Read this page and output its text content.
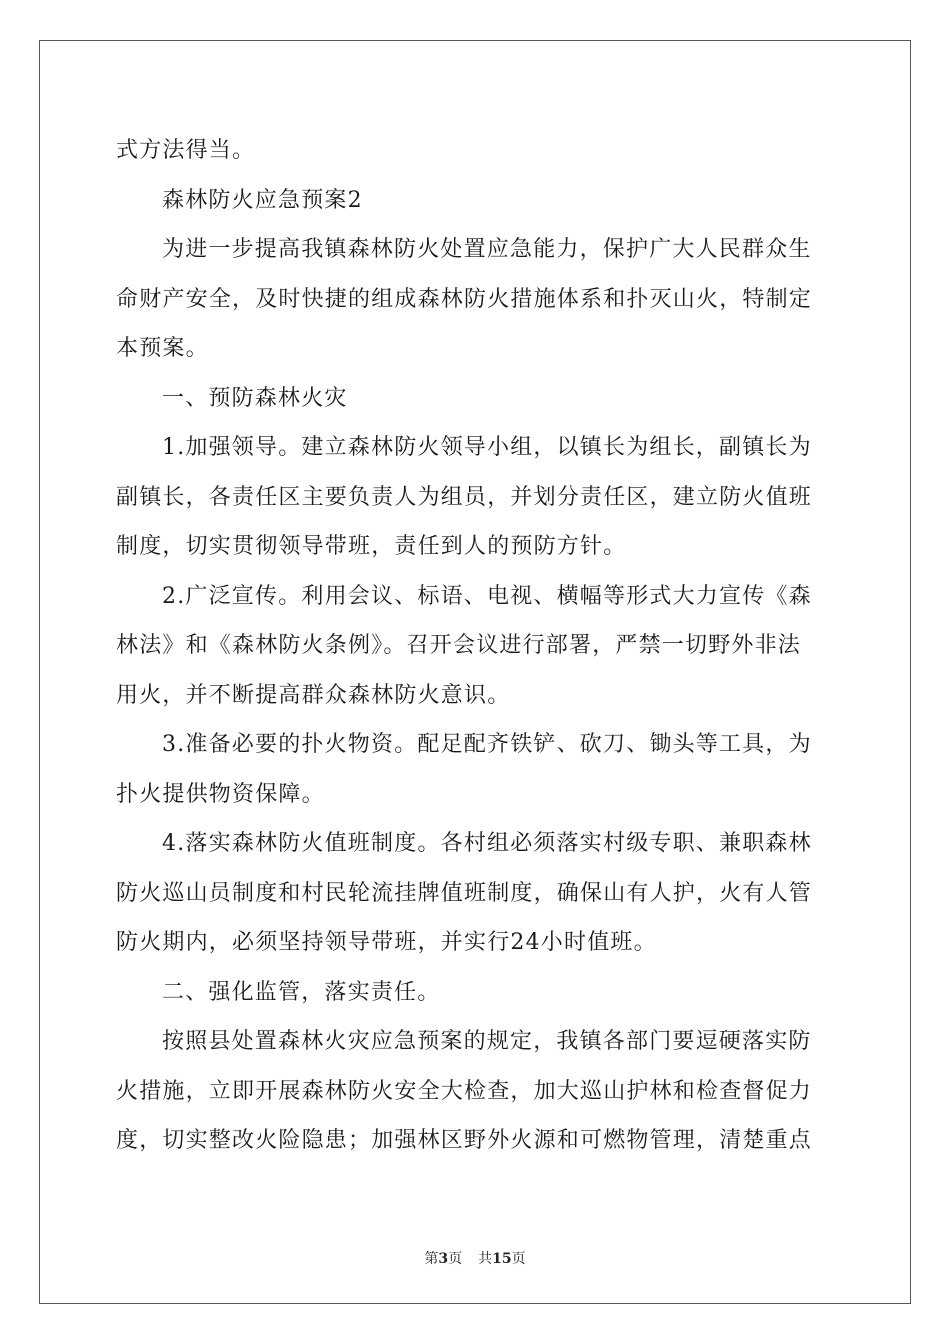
式方法得当。
森林防火应急预案2
为进一步提高我镇森林防火处置应急能力，保护广大人民群众生
命财产安全，及时快捷的组成森林防火措施体系和扑灭山火，特制定
本预案。
一、预防森林火灾
1.加强领导。建立森林防火领导小组，以镇长为组长，副镇长为
副镇长，各责任区主要负责人为组员，并划分责任区，建立防火值班
制度，切实贯彻领导带班，责任到人的预防方针。
2.广泛宣传。利用会议、标语、电视、横幅等形式大力宣传《森
林法》和《森林防火条例》。召开会议进行部署，严禁一切野外非法
用火，并不断提高群众森林防火意识。
3.准备必要的扑火物资。配足配齐铁铲、砍刀、锄头等工具，为
扑火提供物资保障。
4.落实森林防火值班制度。各村组必须落实村级专职、兼职森林
防火巡山员制度和村民轮流挂牌值班制度，确保山有人护，火有人管
防火期内，必须坚持领导带班，并实行24小时值班。
二、强化监管，落实责任。
按照县处置森林火灾应急预案的规定，我镇各部门要逗硬落实防
火措施，立即开展森林防火安全大检查，加大巡山护林和检查督促力
度，切实整改火险隐患；加强林区野外火源和可燃物管理，清楚重点
第3页 共15页
